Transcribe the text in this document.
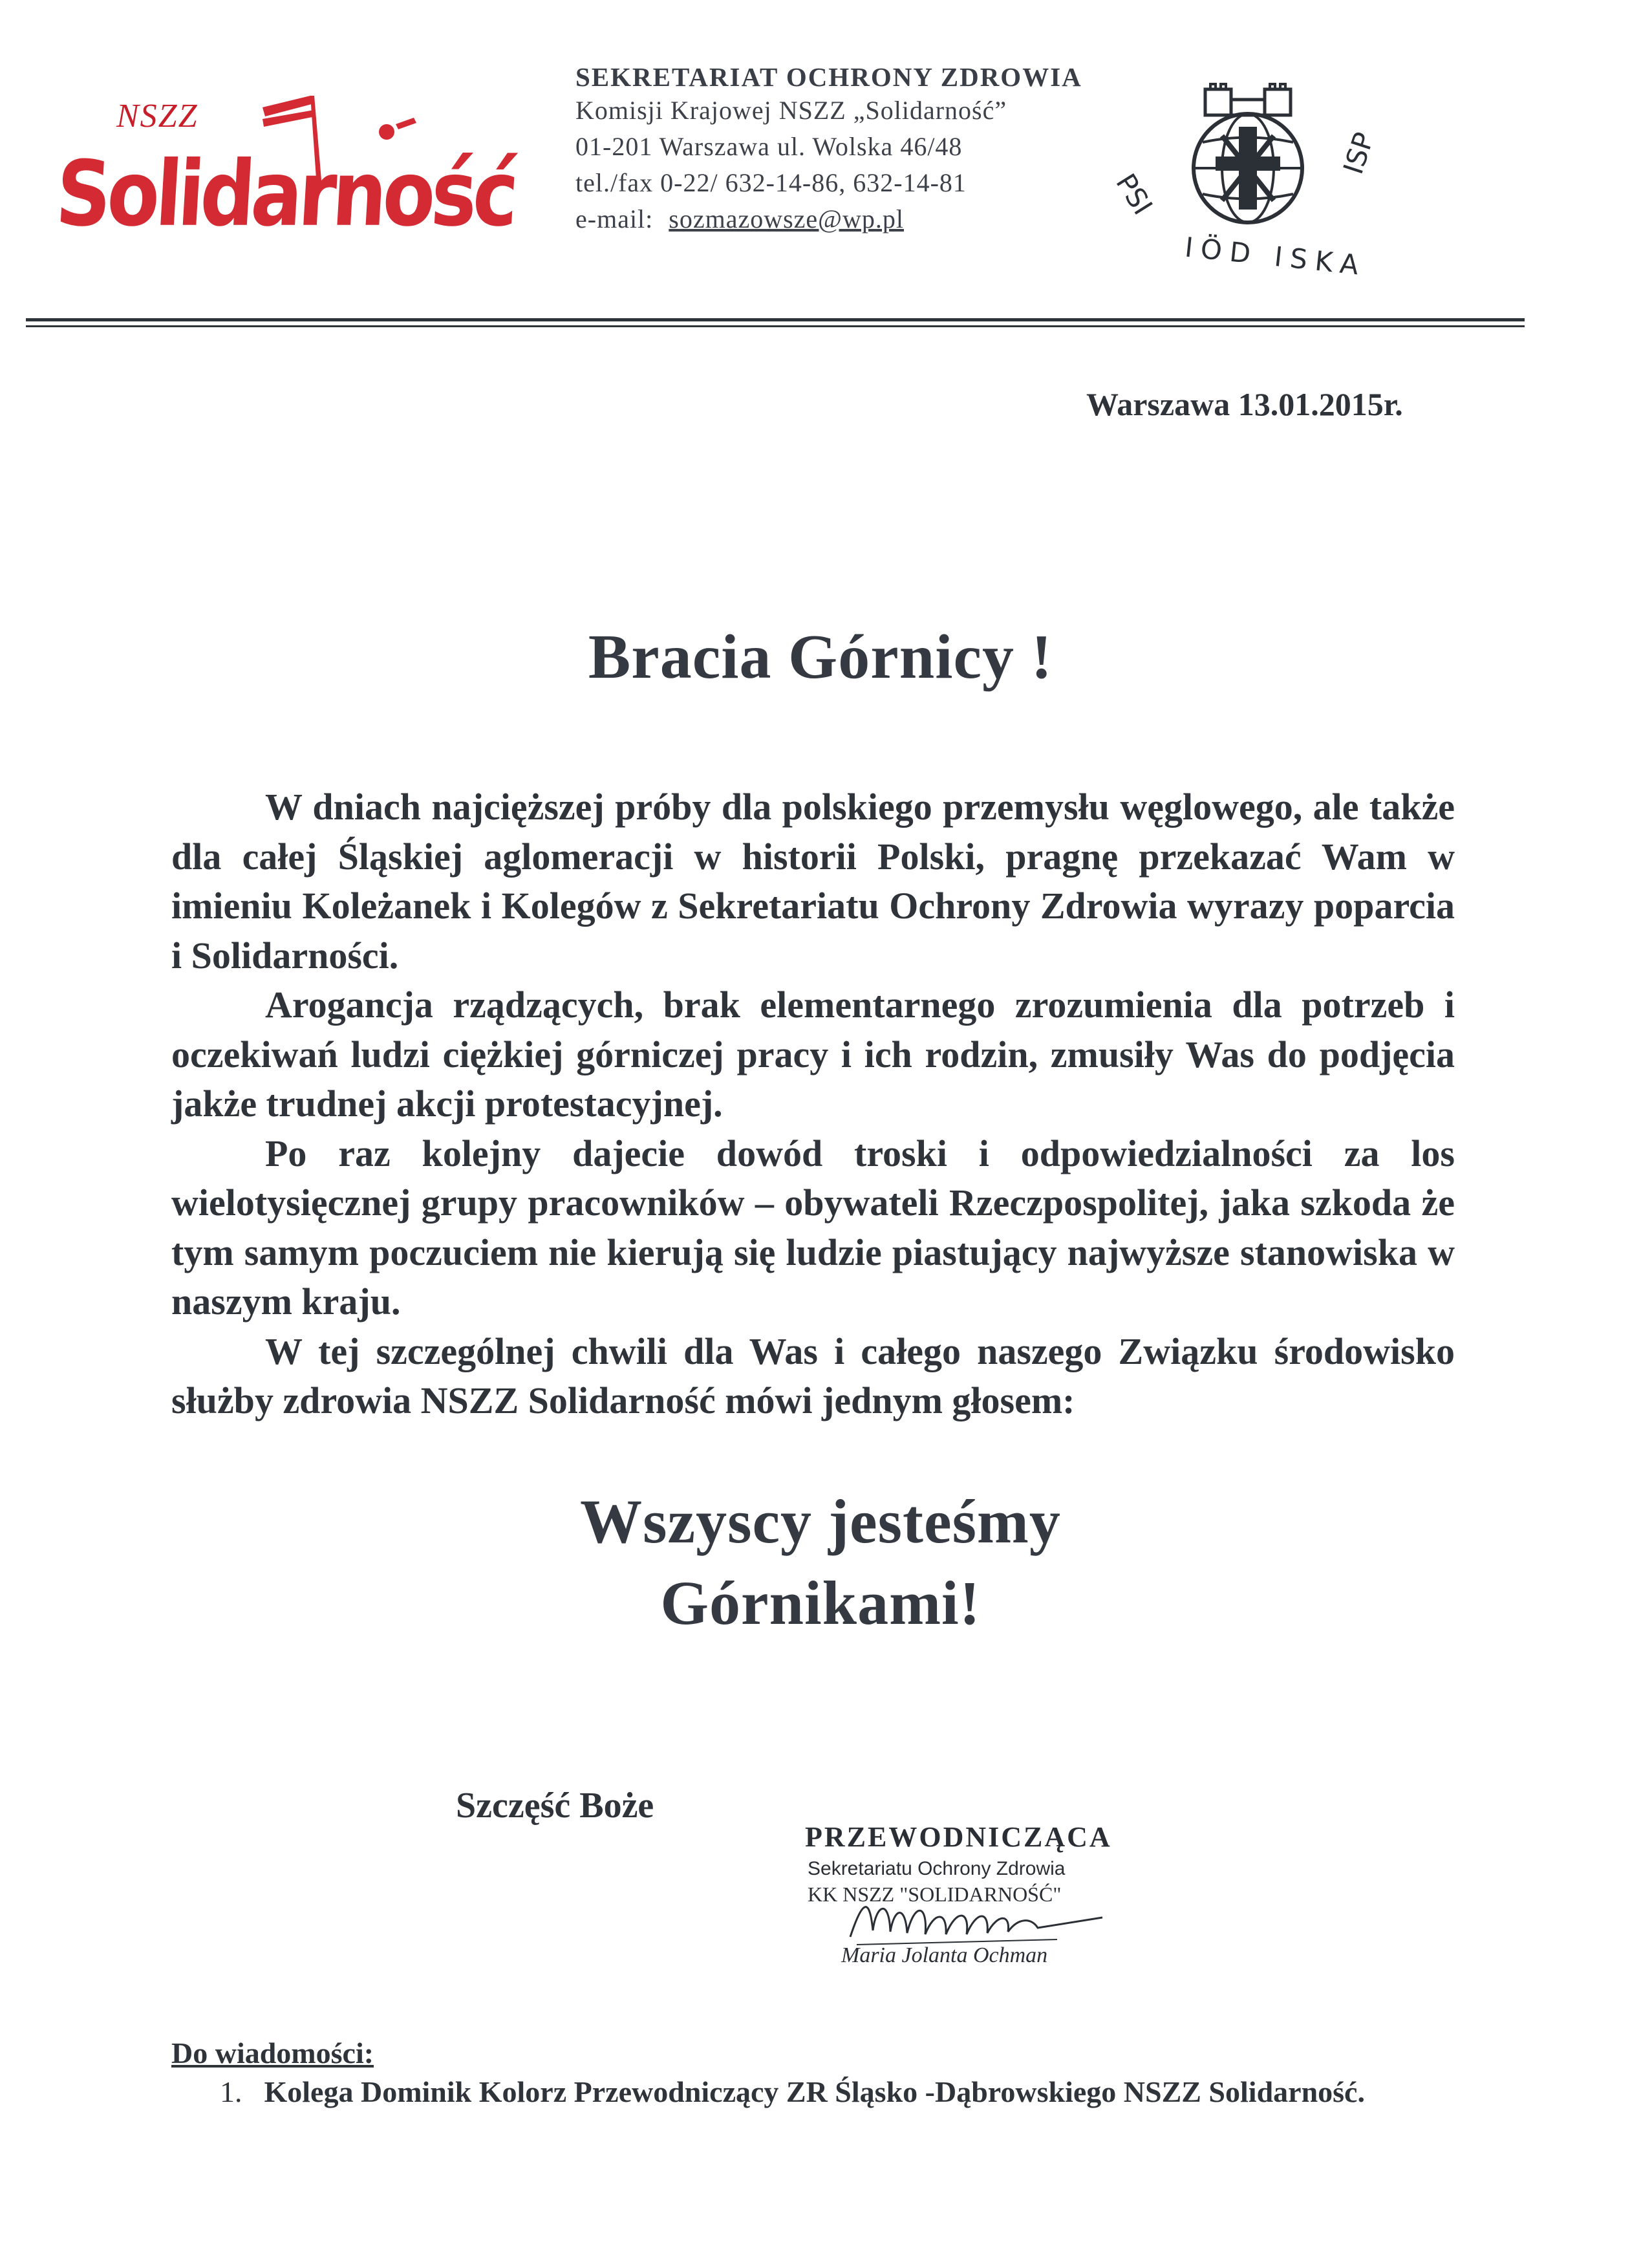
NSZZ
Solidarność
SEKRETARIAT OCHRONY ZDROWIA
Komisji Krajowej NSZZ „Solidarność”
01-201 Warszawa ul. Wolska 46/48
tel./fax 0-22/ 632-14-86, 632-14-81
e-mail: sozmazowsze@wp.pl	PSI
IÖD ISKA
ISP
Warszawa 13.01.2015r.
Bracia Górnicy !

W dniach najcięższej próby dla polskiego przemysłu węglowego, ale także dla całej Śląskiej aglomeracji w historii Polski, pragnę przekazać Wam w imieniu Koleżanek i Kolegów z Sekretariatu Ochrony Zdrowia wyrazy poparcia i Solidarności.

Arogancja rządzących, brak elementarnego zrozumienia dla potrzeb i oczekiwań ludzi ciężkiej górniczej pracy i ich rodzin, zmusiły Was do podjęcia jakże trudnej akcji protestacyjnej.

Po raz kolejny dajecie dowód troski i odpowiedzialności za los wielotysięcznej grupy pracowników – obywateli Rzeczpospolitej, jaka szkoda że tym samym poczuciem nie kierują się ludzie piastujący najwyższe stanowiska w naszym kraju.

W tej szczególnej chwili dla Was i całego naszego Związku środowisko służby zdrowia NSZZ Solidarność mówi jednym głosem:

Wszyscy jesteśmy
Górnikami!
Szczęść Boże
PRZEWODNICZĄCA
Sekretariatu Ochrony Zdrowia
KK NSZZ "SOLIDARNOŚĆ"
Maria Jolanta Ochman
Do wiadomości:
1. Kolega Dominik Kolorz Przewodniczący ZR Śląsko -Dąbrowskiego NSZZ Solidarność.
